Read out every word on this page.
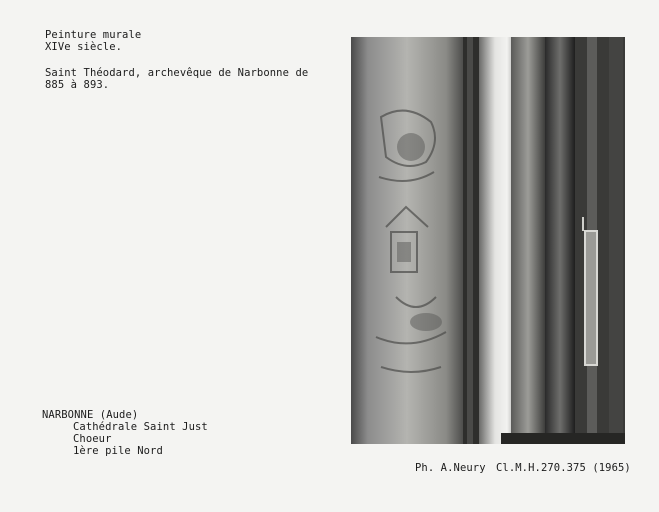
Peinture murale
XIVe siècle.
Saint Théodard, archevêque de Narbonne de
885 à 893.
NARBONNE (Aude)
Cathédrale Saint Just
Choeur
1ère pile Nord
Ph. A.Neury Cl.M.H.270.375 (1965)
